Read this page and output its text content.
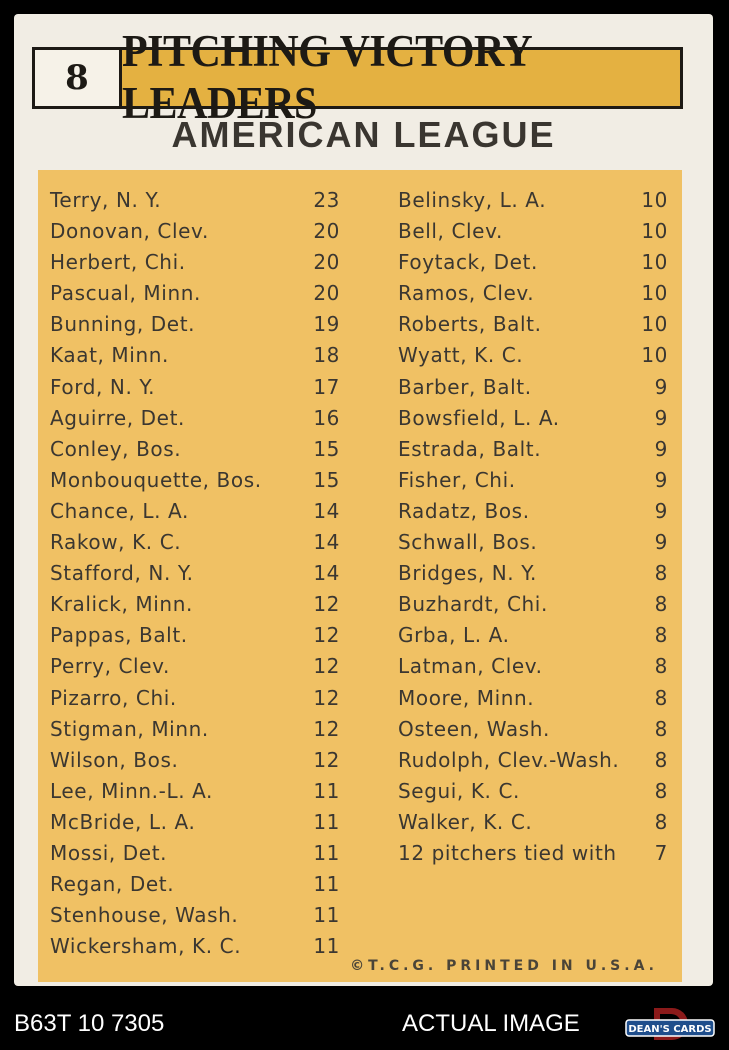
8
PITCHING VICTORY LEADERS
AMERICAN LEAGUE
Terry, N. Y.	23
Donovan, Clev.	20
Herbert, Chi.	20
Pascual, Minn.	20
Bunning, Det.	19
Kaat, Minn.	18
Ford, N. Y.	17
Aguirre, Det.	16
Conley, Bos.	15
Monbouquette, Bos.	15
Chance, L. A.	14
Rakow, K. C.	14
Stafford, N. Y.	14
Kralick, Minn.	12
Pappas, Balt.	12
Perry, Clev.	12
Pizarro, Chi.	12
Stigman, Minn.	12
Wilson, Bos.	12
Lee, Minn.-L. A.	11
McBride, L. A.	11
Mossi, Det.	11
Regan, Det.	11
Stenhouse, Wash.	11
Wickersham, K. C.	11
Belinsky, L. A.	10
Bell, Clev.	10
Foytack, Det.	10
Ramos, Clev.	10
Roberts, Balt.	10
Wyatt, K. C.	10
Barber, Balt.	9
Bowsfield, L. A.	9
Estrada, Balt.	9
Fisher, Chi.	9
Radatz, Bos.	9
Schwall, Bos.	9
Bridges, N. Y.	8
Buzhardt, Chi.	8
Grba, L. A.	8
Latman, Clev.	8
Moore, Minn.	8
Osteen, Wash.	8
Rudolph, Clev.-Wash. 8
Segui, K. C.	8
Walker, K. C.	8
12 pitchers tied with 7
©T.C.G. PRINTED IN U.S.A.
B63T 10 7305	ACTUAL IMAGE	DEAN'S CARDS
